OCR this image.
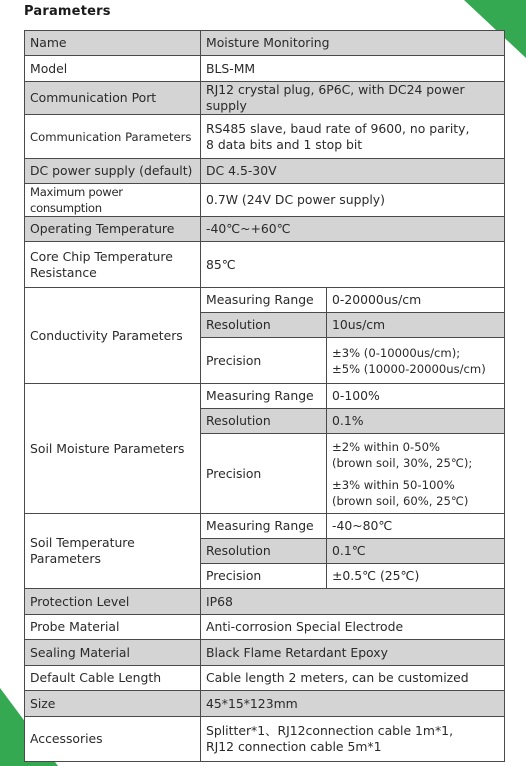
Parameters
Name	Moisture Monitoring	
Model	BLS-MM	
Communication Port	RJ12 crystal plug, 6P6C, with DC24 power supply	
Communication Parameters	RS485 slave, baud rate of 9600, no parity,
8 data bits and 1 stop bit	

DC power supply (default)	DC 4.5-30V	
Maximum power consumption	0.7W (24V DC power supply)	
Operating Temperature	-40℃~+60℃	

Core Chip Temperature
Resistance	85℃	
Conductivity Parameters	Measuring Range	0-20000us/cm
	Resolution	10us/cm
	Precision	±3% (0-10000us/cm);
±5% (10000-20000us/cm)

Soil Moisture Parameters	Measuring Range	0-100%
	Resolution	0.1%
	Precision	±2% within 0-50%
(brown soil, 30%, 25℃);
±3% within 50-100%
(brown soil, 60%, 25℃)

Soil Temperature
Parameters	Measuring Range	-40~80℃
	Resolution	0.1℃
	Precision	±0.5℃ (25℃)
Protection Level	IP68	
Probe Material	Anti-corrosion Special Electrode	
Sealing Material	Black Flame Retardant Epoxy	
Default Cable Length	Cable length 2 meters, can be customized	
Size	45*15*123mm	
Accessories	Splitter*1、RJ12connection cable 1m*1,
RJ12 connection cable 5m*1	
